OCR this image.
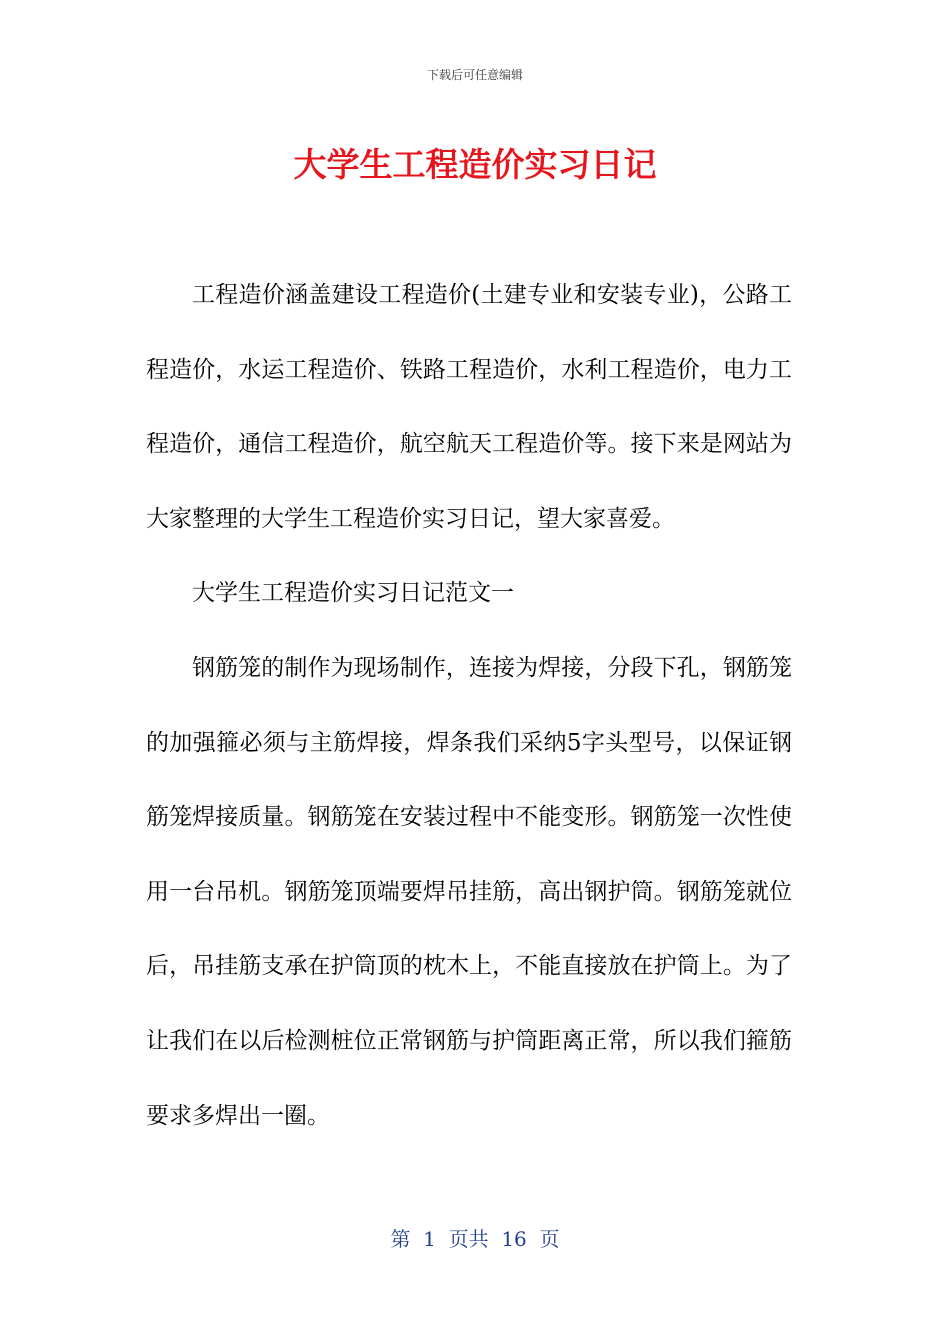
下载后可任意编辑
大学生工程造价实习日记

工程造价涵盖建设工程造价(土建专业和安装专业)，公路工程造价，水运工程造价、铁路工程造价，水利工程造价，电力工程造价，通信工程造价，航空航天工程造价等。接下来是网站为大家整理的大学生工程造价实习日记，望大家喜爱。

大学生工程造价实习日记范文一

钢筋笼的制作为现场制作，连接为焊接，分段下孔，钢筋笼的加强箍必须与主筋焊接，焊条我们采纳5字头型号，以保证钢筋笼焊接质量。钢筋笼在安装过程中不能变形。钢筋笼一次性使用一台吊机。钢筋笼顶端要焊吊挂筋，高出钢护筒。钢筋笼就位后，吊挂筋支承在护筒顶的枕木上，不能直接放在护筒上。为了让我们在以后检测桩位正常钢筋与护筒距离正常，所以我们箍筋要求多焊出一圈。

第  1  页共  16  页
